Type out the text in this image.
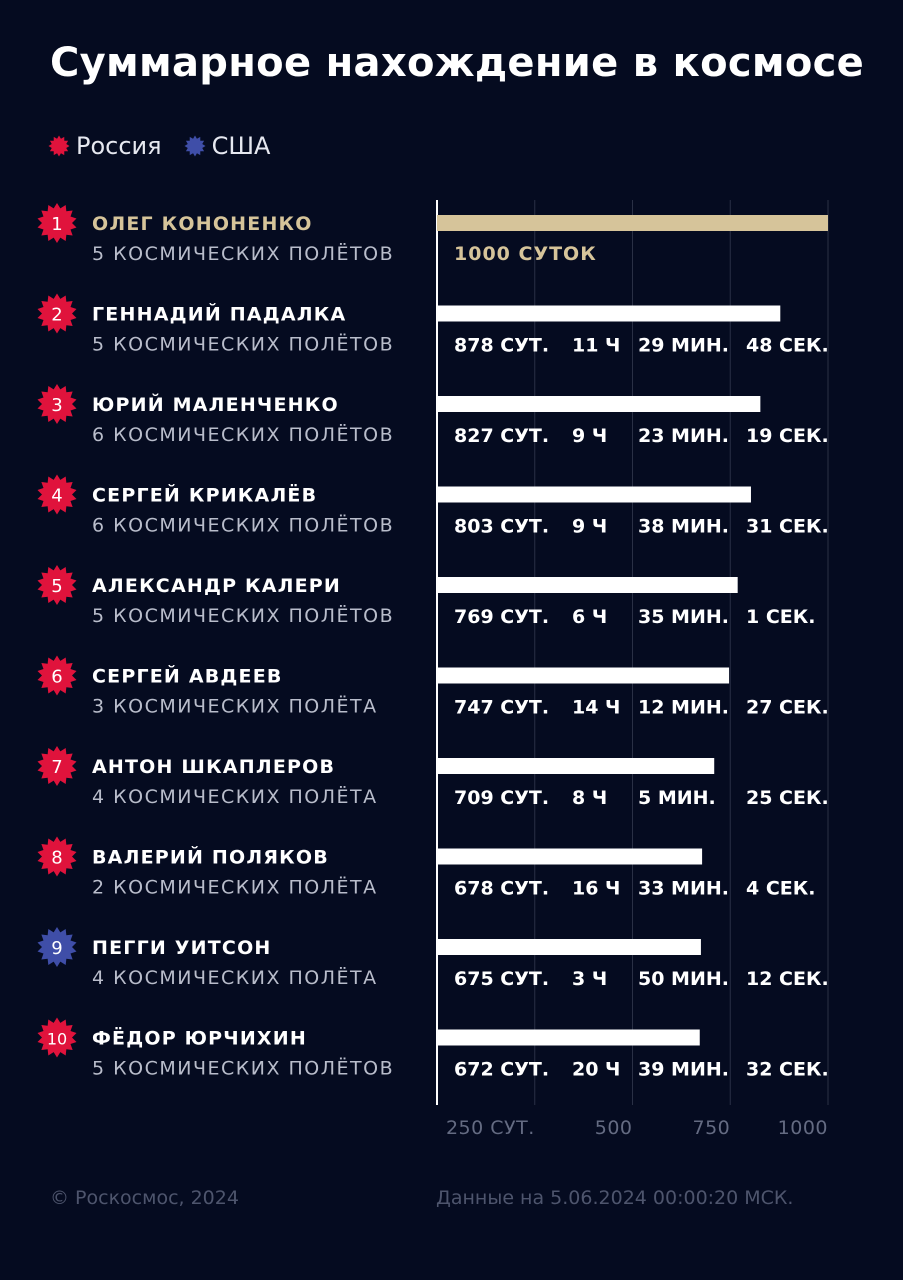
Суммарное нахождение в космосе
Россия США
250 СУТ.	500	750 1000
1 ОЛЕГ КОНОНЕНКО
5 КОСМИЧЕСКИХ ПОЛЁТОВ	1000 СУТОК
2 ГЕННАДИЙ ПАДАЛКА
5 КОСМИЧЕСКИХ ПОЛЁТОВ	878 СУТ. 11 Ч 29 МИН. 48 СЕК.
3 ЮРИЙ МАЛЕНЧЕНКО
6 КОСМИЧЕСКИХ ПОЛЁТОВ	827 СУТ. 9 Ч 23 МИН. 19 СЕК.
4 СЕРГЕЙ КРИКАЛЁВ
6 КОСМИЧЕСКИХ ПОЛЁТОВ	803 СУТ. 9 Ч 38 МИН. 31 СЕК.
5 АЛЕКСАНДР КАЛЕРИ
5 КОСМИЧЕСКИХ ПОЛЁТОВ	769 СУТ. 6 Ч 35 МИН. 1 СЕК.
6 СЕРГЕЙ АВДЕЕВ
3 КОСМИЧЕСКИХ ПОЛЁТА	747 СУТ. 14 Ч 12 МИН. 27 СЕК.
7 АНТОН ШКАПЛЕРОВ
4 КОСМИЧЕСКИХ ПОЛЁТА	709 СУТ. 8 Ч 5 МИН. 25 СЕК.
8 ВАЛЕРИЙ ПОЛЯКОВ
2 КОСМИЧЕСКИХ ПОЛЁТА	678 СУТ. 16 Ч 33 МИН. 4 СЕК.
9 ПЕГГИ УИТСОН
4 КОСМИЧЕСКИХ ПОЛЁТА	675 СУТ. 3 Ч 50 МИН. 12 СЕК.
10 ФЁДОР ЮРЧИХИН
5 КОСМИЧЕСКИХ ПОЛЁТОВ	672 СУТ. 20 Ч 39 МИН. 32 СЕК.
© Роскосмос, 2024	Данные на 5.06.2024 00:00:20 МСК.
